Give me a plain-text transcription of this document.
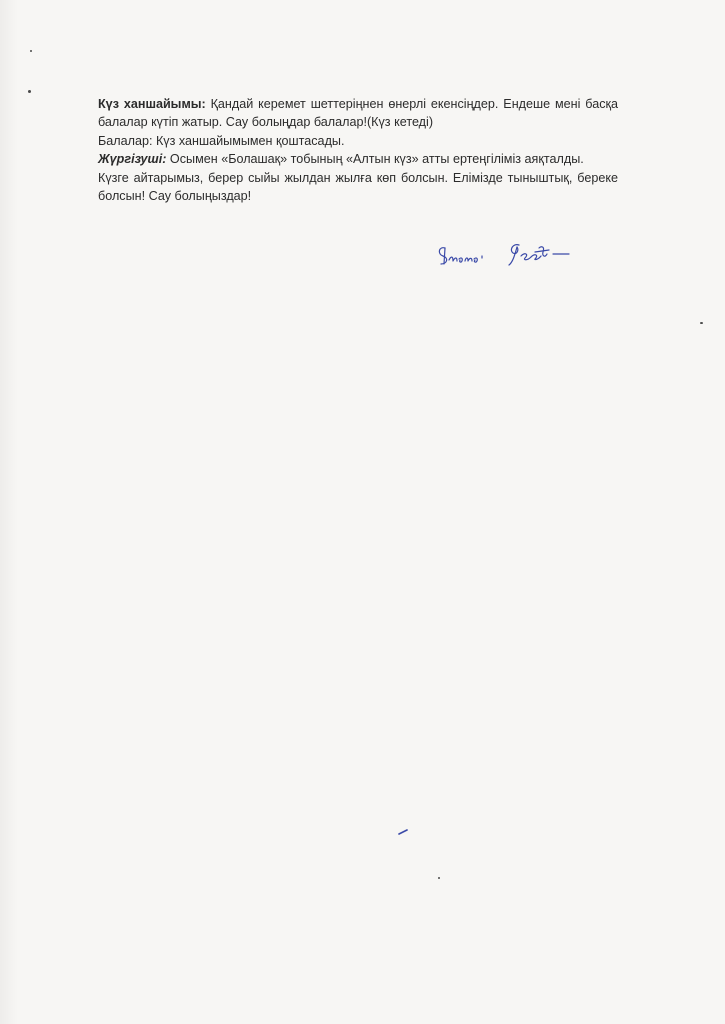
Күз ханшайымы: Қандай керемет шеттеріңнен өнерлі екенсіңдер. Ендеше мені басқа
балалар күтіп жатыр. Сау болыңдар балалар!(Күз кетеді)
Балалар: Күз ханшайымымен қоштасады.
Жүргізуші: Осымен «Болашақ» тобының «Алтын күз» атты ертеңгіліміз аяқталды.
Күзге айтарымыз, берер сыйы жылдан жылға көп болсын. Елімізде тыныштық, береке
болсын! Сау болыңыздар!
